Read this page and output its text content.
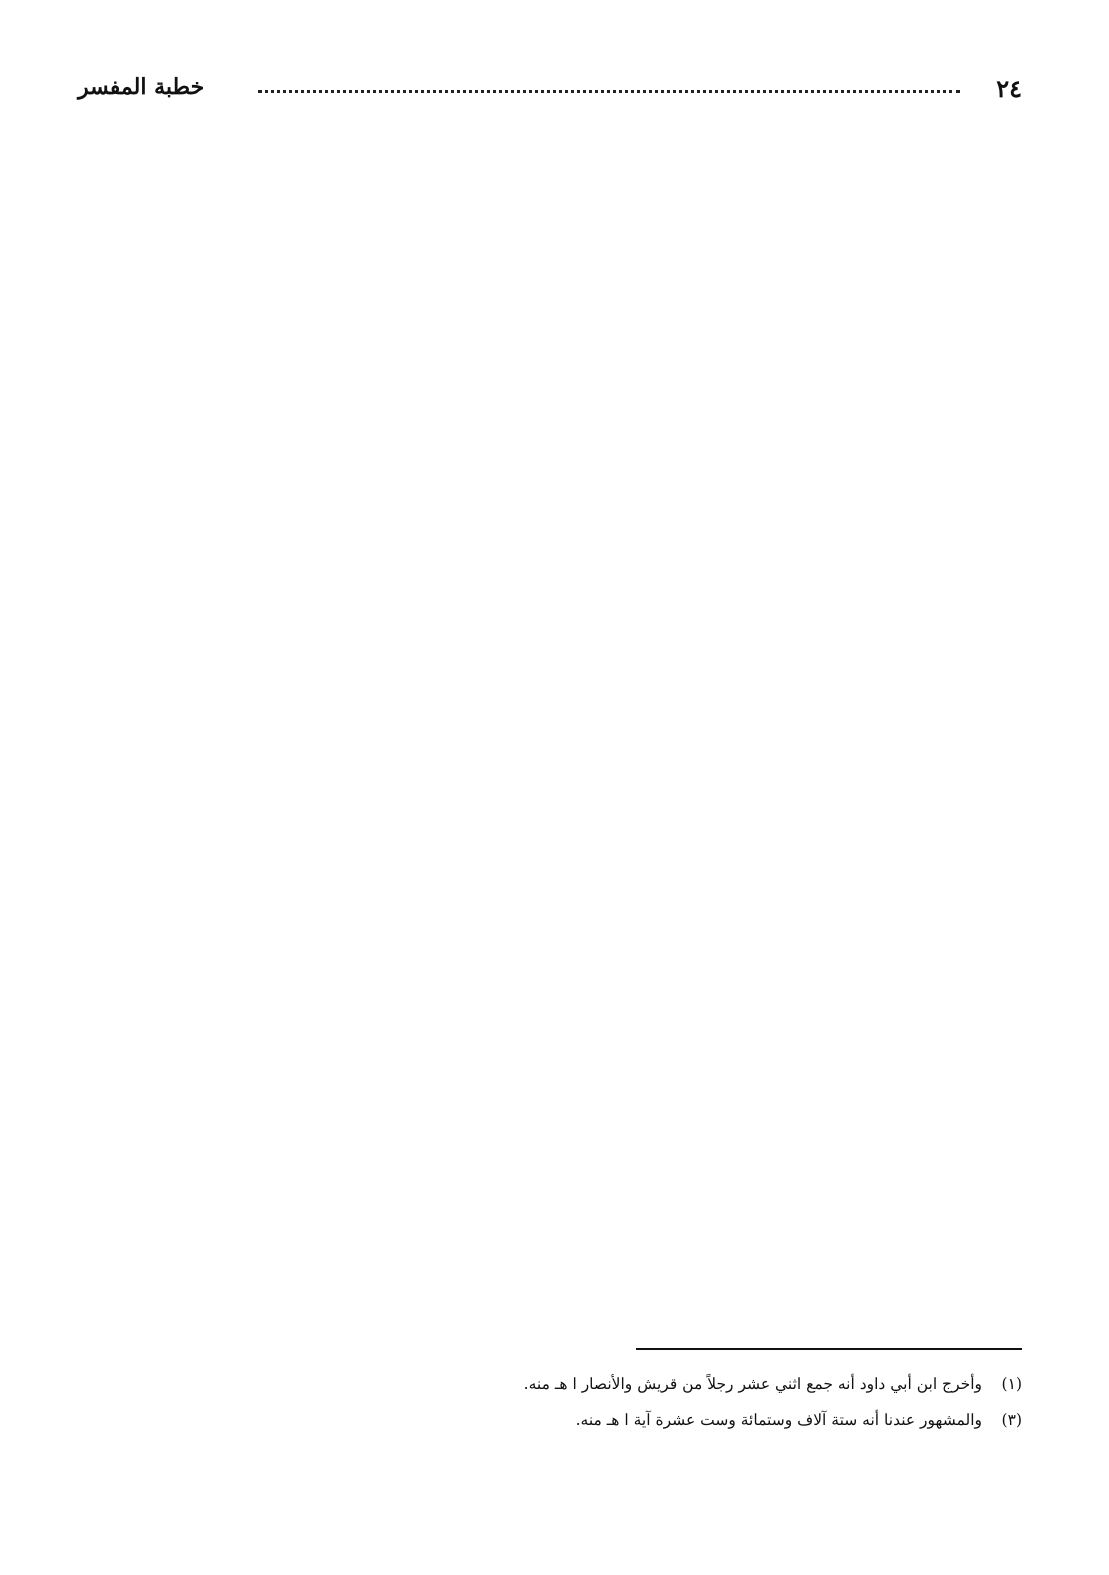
٢٤
خطبة المفسر
(١)
وأخرج ابن أبي داود أنه جمع اثني عشر رجلاً من قريش والأنصار ا هـ منه.
(٣)
والمشهور عندنا أنه ستة آلاف وستمائة وست عشرة آية ا هـ منه.
